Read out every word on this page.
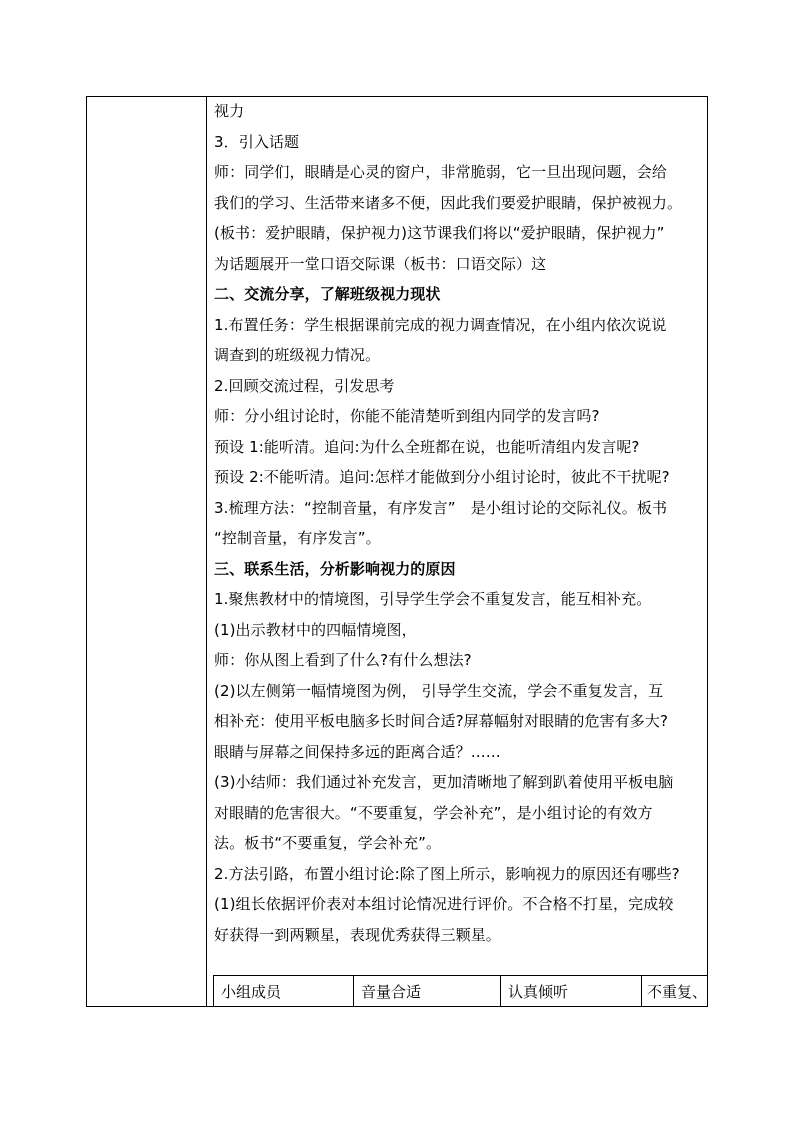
视力
3．引入话题
师：同学们，眼睛是心灵的窗户，非常脆弱，它一旦出现问题，会给
我们的学习、生活带来诸多不便，因此我们要爱护眼睛，保护被视力。
(板书：爱护眼睛，保护视力)这节课我们将以“爱护眼睛，保护视力”
为话题展开一堂口语交际课（板书：口语交际）这
二、交流分享，了解班级视力现状
1.布置任务：学生根据课前完成的视力调查情况，在小组内依次说说
调查到的班级视力情况。
2.回顾交流过程，引发思考
师：分小组讨论时，你能不能清楚听到组内同学的发言吗?
预设 1:能听清。追问:为什么全班都在说，也能听清组内发言呢?
预设 2:不能听清。追问:怎样才能做到分小组讨论时，彼此不干扰呢?
3.梳理方法：“控制音量，有序发言”　是小组讨论的交际礼仪。板书
“控制音量，有序发言”。
三、联系生活，分析影响视力的原因
1.聚焦教材中的情境图，引导学生学会不重复发言，能互相补充。
(1)出示教材中的四幅情境图，
师：你从图上看到了什么?有什么想法?
(2)以左侧第一幅情境图为例， 引导学生交流，学会不重复发言，互
相补充：使用平板电脑多长时间合适?屏幕幅射对眼睛的危害有多大?
眼睛与屏幕之间保持多远的距离合适？……
(3)小结师：我们通过补充发言，更加清晰地了解到趴着使用平板电脑
对眼睛的危害很大。“不要重复，学会补充”，是小组讨论的有效方
法。板书“不要重复，学会补充”。
2.方法引路，布置小组讨论:除了图上所示，影响视力的原因还有哪些?
(1)组长依据评价表对本组讨论情况进行评价。不合格不打星，完成较
好获得一到两颗星，表现优秀获得三颗星。
小组成员	音量合适	认真倾听	不重复、
